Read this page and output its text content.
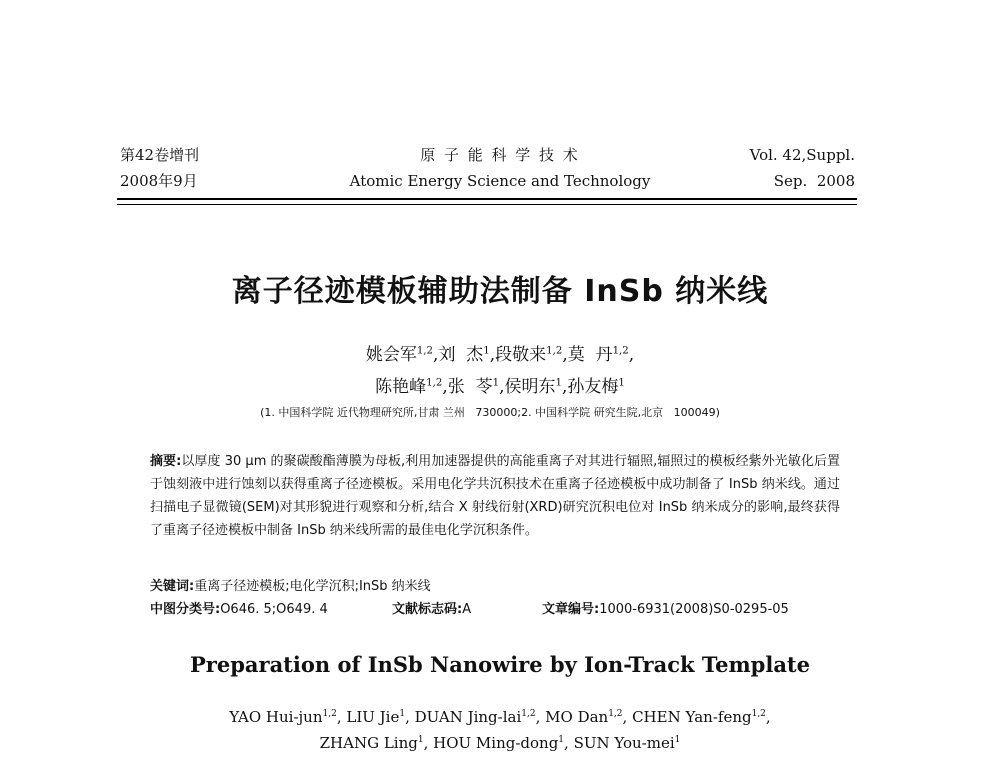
第42卷增刊
2008年9月
原 子 能 科 学 技 术
Atomic Energy Science and Technology
Vol. 42,Suppl.
Sep.  2008
离子径迹模板辅助法制备 InSb 纳米线
姚会军$^{1,2}$,刘  杰$^1$,段敬来$^{1,2}$,莫  丹$^{1,2}$,
陈艳峰$^{1,2}$,张  苓$^1$,侯明东$^1$,孙友梅$^1$
(1. 中国科学院 近代物理研究所,甘肃 兰州   730000;2. 中国科学院 研究生院,北京   100049)
摘要:以厚度 30 μm 的聚碳酸酯薄膜为母板,利用加速器提供的高能重离子对其进行辐照,辐照过的模板经紫外光敏化后置于蚀刻液中进行蚀刻以获得重离子径迹模板。采用电化学共沉积技术在重离子径迹模板中成功制备了 InSb 纳米线。通过扫描电子显微镜(SEM)对其形貌进行观察和分析,结合 X 射线衍射(XRD)研究沉积电位对 InSb 纳米成分的影响,最终获得了重离子径迹模板中制备 InSb 纳米线所需的最佳电化学沉积条件。
关键词:重离子径迹模板;电化学沉积;InSb 纳米线
中图分类号:O646. 5;O649. 4	文献标志码:A	文章编号:1000-6931(2008)S0-0295-05
Preparation of InSb Nanowire by Ion-Track Template
YAO Hui-jun$^{1,2}$, LIU Jie$^1$, DUAN Jing-lai$^{1,2}$, MO Dan$^{1,2}$, CHEN Yan-feng$^{1,2}$,
ZHANG Ling$^1$, HOU Ming-dong$^1$, SUN You-mei$^1$
